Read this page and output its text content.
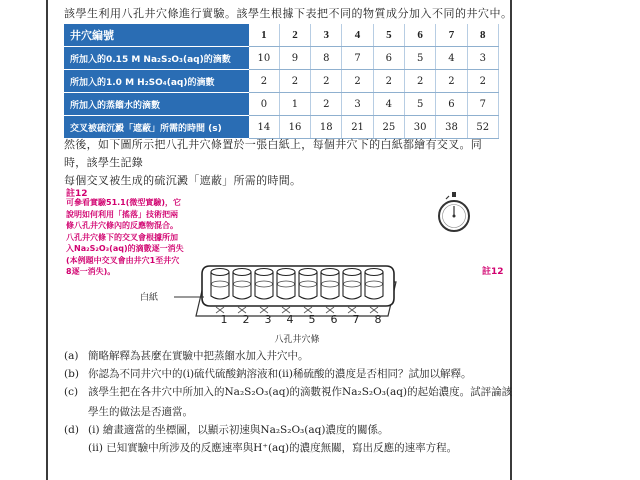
該學生利用八孔井穴條進行實驗。該學生根據下表把不同的物質成分加入不同的井穴中。
井穴編號	1	2	3	4	5	6	7	8
所加入的0.15 M Na₂S₂O₃(aq)的滴數	10	9	8	7	6	5	4	3
所加入的1.0 M H₂SO₄(aq)的滴數	2	2	2	2	2	2	2	2
所加入的蒸餾水的滴數	0	1	2	3	4	5	6	7
交叉被硫沉澱「遮蔽」所需的時間 (s)	14	16	18	21	25	30	38	52
然後，如下圖所示把八孔井穴條置於一張白紙上，每個井穴下的白紙都繪有交叉。同時，該學生記錄
每個交叉被生成的硫沉澱「遮蔽」所需的時間。
註12
可參看實驗51.1(微型實驗)，它
說明如何利用「搖落」技術把兩
條八孔井穴條內的反應物混合。
八孔井穴條下的交叉會根據所加
入Na₂S₂O₃(aq)的滴數逐一消失
(本例題中交叉會由井穴1至井穴
8逐一消失)。	註12
白紙
1 2 3 4 5 6 7 8
八孔井穴條
(a) 簡略解釋為甚麼在實驗中把蒸餾水加入井穴中。
(b) 你認為不同井穴中的(i)硫代硫酸鈉溶液和(ii)稀硫酸的濃度是否相同？試加以解釋。
(c) 該學生把在各井穴中所加入的Na₂S₂O₃(aq)的滴數視作Na₂S₂O₃(aq)的起始濃度。試評論該
學生的做法是否適當。
(d) (i) 繪畫適當的坐標圖，以顯示初速與Na₂S₂O₃(aq)濃度的關係。
(ii) 已知實驗中所涉及的反應速率與H⁺(aq)的濃度無關，寫出反應的速率方程。
